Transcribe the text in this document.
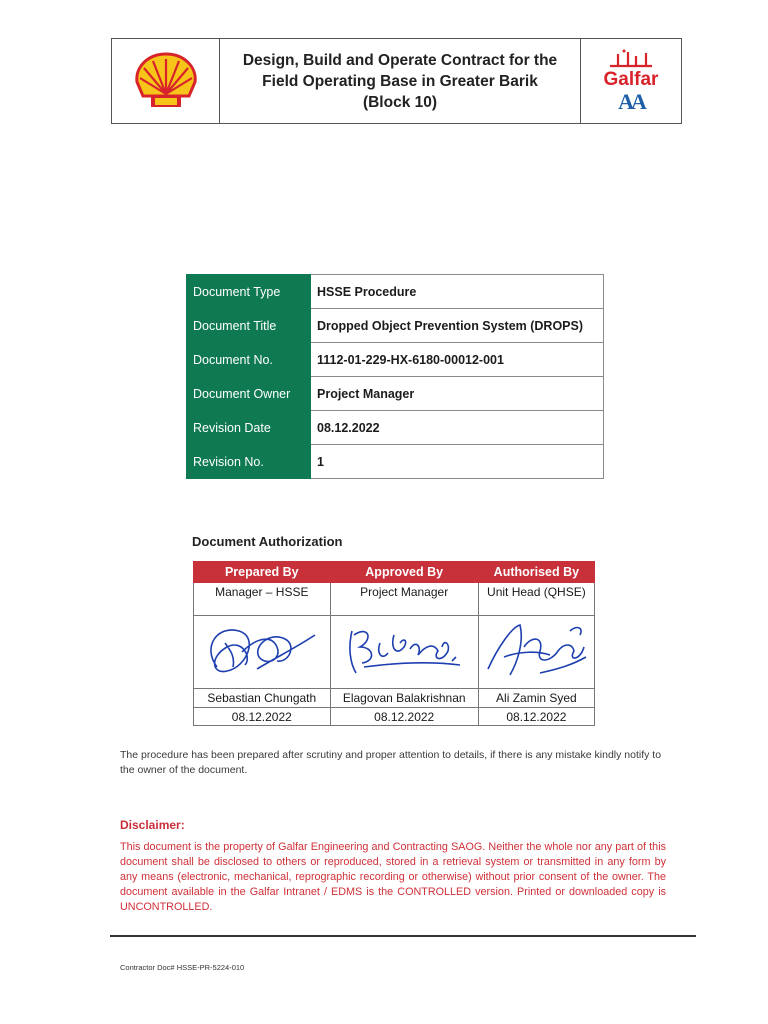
Design, Build and Operate Contract for the
Field Operating Base in Greater Barik
(Block 10)
Galfar
AA
Document Type	HSSE Procedure
Document Title	Dropped Object Prevention System (DROPS)
Document No.	1112-01-229-HX-6180-00012-001
Document Owner	Project Manager
Revision Date	08.12.2022
Revision No.	1
Document Authorization
Prepared By	Approved By	Authorised By
Manager – HSSE	Project Manager	Unit Head (QHSE)

Sebastian Chungath	Elagovan Balakrishnan	Ali Zamin Syed
08.12.2022	08.12.2022	08.12.2022
The procedure has been prepared after scrutiny and proper attention to details, if there is any mistake kindly notify to the owner of the document.
Disclaimer:
This document is the property of Galfar Engineering and Contracting SAOG. Neither the whole nor any part of this document shall be disclosed to others or reproduced, stored in a retrieval system or transmitted in any form by any means (electronic, mechanical, reprographic recording or otherwise) without prior consent of the owner. The document available in the Galfar Intranet / EDMS is the CONTROLLED version. Printed or downloaded copy is UNCONTROLLED.
Contractor Doc# HSSE-PR-5224-010
